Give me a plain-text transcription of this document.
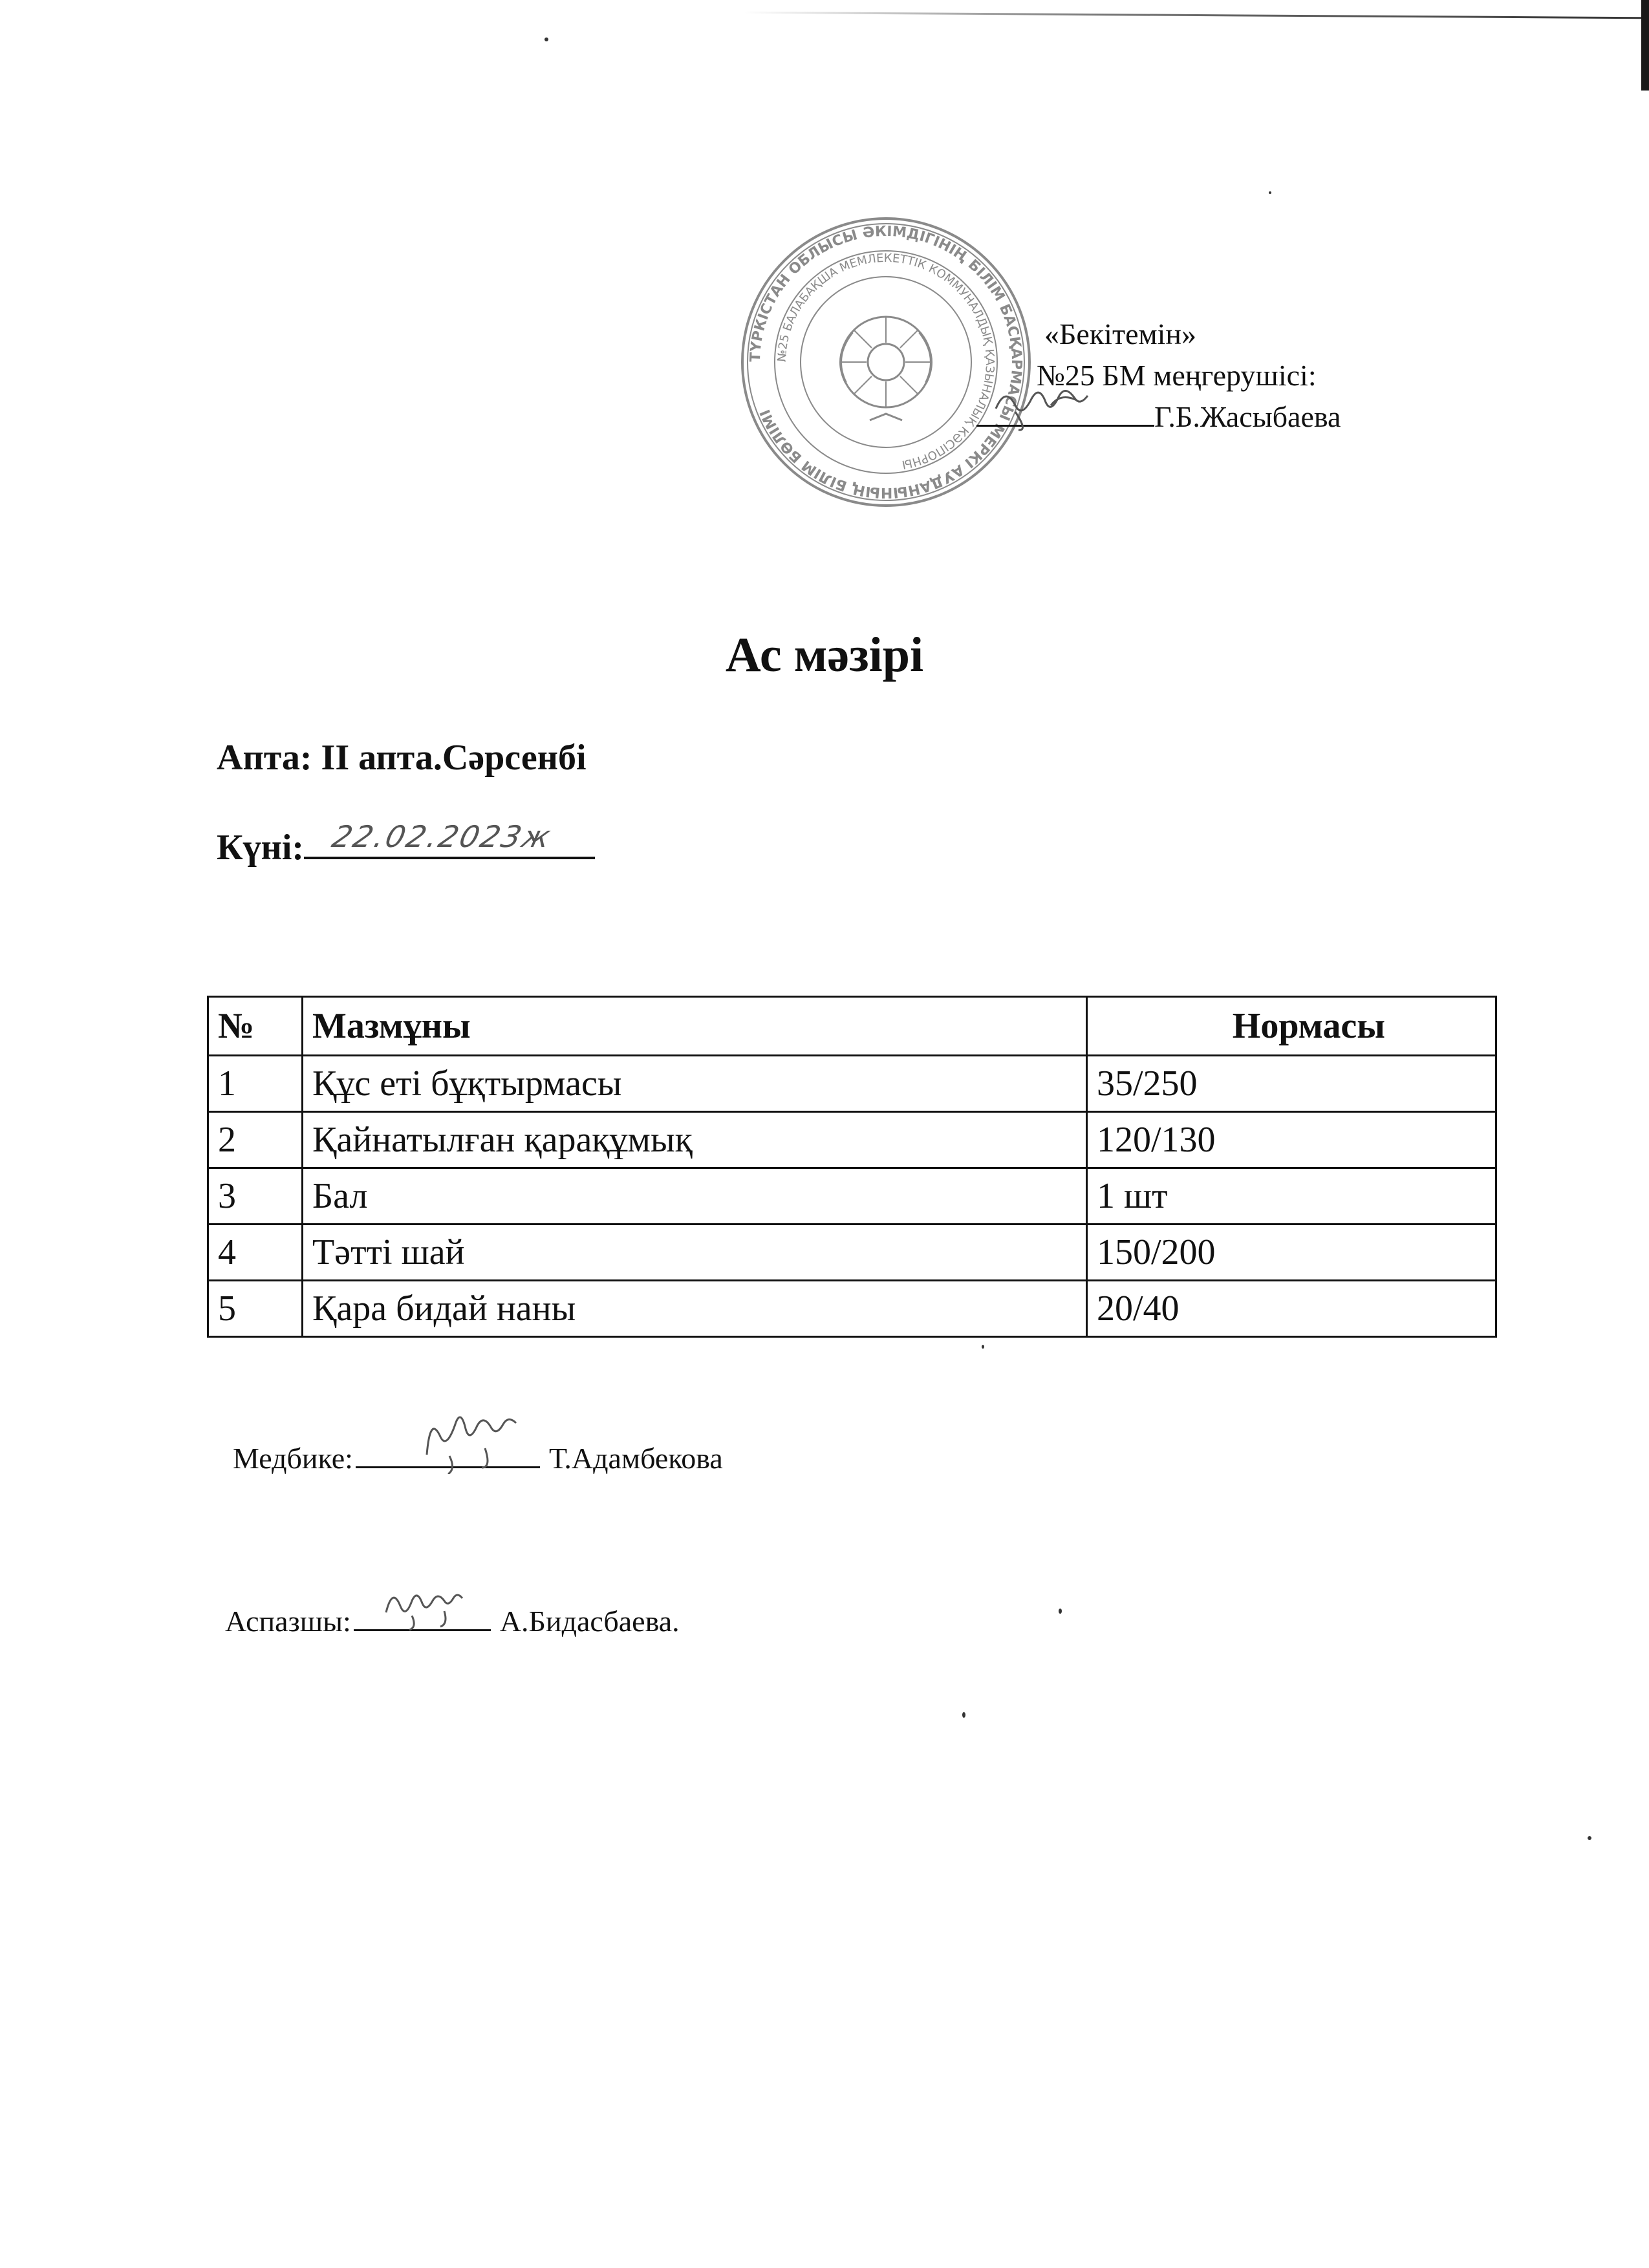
ТҮРКІСТАН ОБЛЫСЫ ӘКІМДІГІНІҢ БІЛІМ БАСҚАРМАСЫ МЕРКІ АУДАНЫНЫҢ БІЛІМ БӨЛІМІ
№25 БАЛАБАҚША МЕМЛЕКЕТТІК КОММУНАЛДЫҚ ҚАЗЫНАЛЫҚ КӘСІПОРНЫ
«Бекітемін»
№25 БМ меңгерушісі:
Г.Б.Жасыбаева
Ас мәзірі
Апта: ІІ апта.Сәрсенбі
Күні: 22.02.2023ж
№	Мазмұны	Нормасы
1	Құс еті бұқтырмасы	35/250
2	Қайнатылған қарақұмық	120/130
3	Бал	1 шт
4	Тәтті шай	150/200
5	Қара бидай наны	20/40
Медбике:	Т.Адамбекова
Аспазшы:	А.Бидасбаева.
